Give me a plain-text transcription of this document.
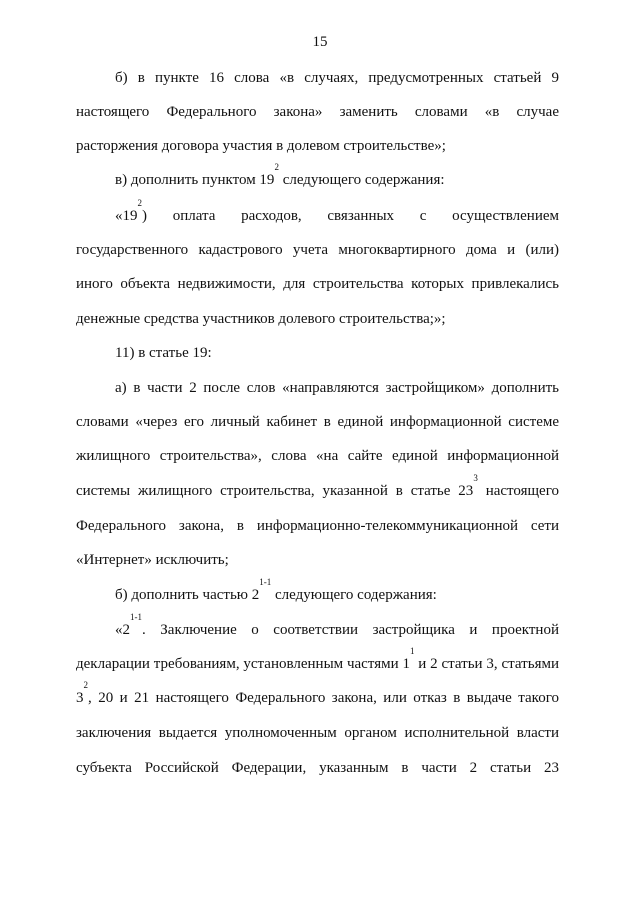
15
б) в пункте 16 слова «в случаях, предусмотренных статьей 9
настоящего Федерального закона» заменить словами «в случае
расторжения договора участия в долевом строительстве»;
в) дополнить пунктом $19^2$ следующего содержания:
«$19^2$) оплата расходов, связанных с осуществлением
государственного кадастрового учета многоквартирного дома и (или)
иного объекта недвижимости, для строительства которых привлекались
денежные средства участников долевого строительства;»;
11) в статье 19:
а) в части 2 после слов «направляются застройщиком» дополнить
словами «через его личный кабинет в единой информационной системе
жилищного строительства», слова «на сайте единой информационной
системы жилищного строительства, указанной в статье $23^3$ настоящего
Федерального закона, в информационно-телекоммуникационной сети
«Интернет» исключить;
б) дополнить частью 2$^{1-1}$ следующего содержания:
«2$^{1-1}$. Заключение о соответствии застройщика и проектной
декларации требованиям, установленным частями $1^1$ и 2 статьи 3, статьями
$3^2$, 20 и 21 настоящего Федерального закона, или отказ в выдаче такого
заключения выдается уполномоченным органом исполнительной власти
субъекта Российской Федерации, указанным в части 2 статьи 23
